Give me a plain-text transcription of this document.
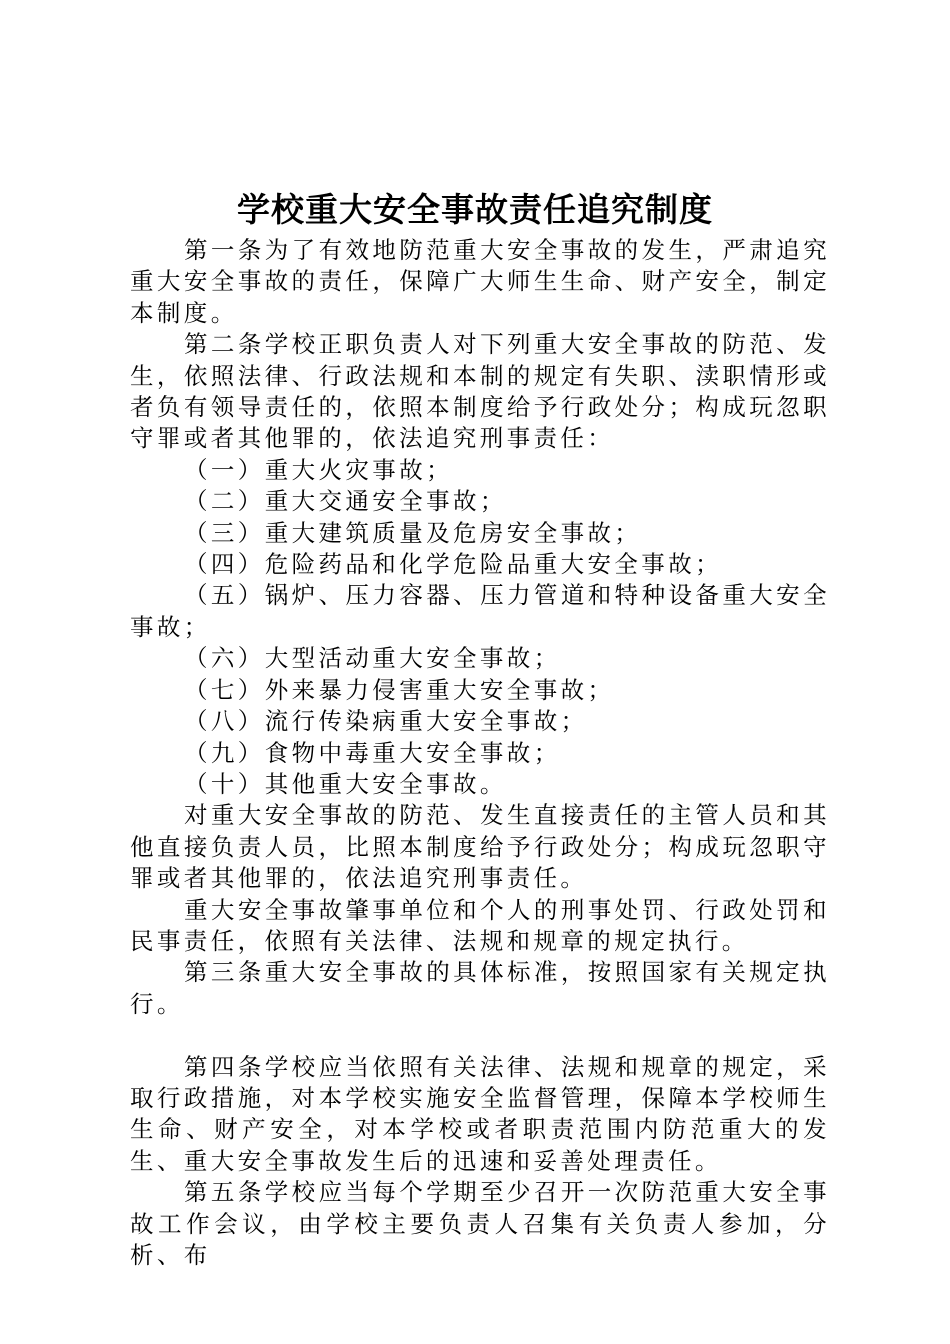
学校重大安全事故责任追究制度

第一条为了有效地防范重大安全事故的发生，严肃追究重大安全事故的责任，保障广大师生生命、财产安全，制定本制度。

第二条学校正职负责人对下列重大安全事故的防范、发生，依照法律、行政法规和本制的规定有失职、渎职情形或者负有领导责任的，依照本制度给予行政处分；构成玩忽职守罪或者其他罪的，依法追究刑事责任：

（一）重大火灾事故；

（二）重大交通安全事故；

（三）重大建筑质量及危房安全事故；

（四）危险药品和化学危险品重大安全事故；

（五）锅炉、压力容器、压力管道和特种设备重大安全事故；

（六）大型活动重大安全事故；

（七）外来暴力侵害重大安全事故；

（八）流行传染病重大安全事故；

（九）食物中毒重大安全事故；

（十）其他重大安全事故。

对重大安全事故的防范、发生直接责任的主管人员和其他直接负责人员，比照本制度给予行政处分；构成玩忽职守罪或者其他罪的，依法追究刑事责任。

重大安全事故肇事单位和个人的刑事处罚、行政处罚和民事责任，依照有关法律、法规和规章的规定执行。

第三条重大安全事故的具体标准，按照国家有关规定执行。

第四条学校应当依照有关法律、法规和规章的规定，采取行政措施，对本学校实施安全监督管理，保障本学校师生生命、财产安全，对本学校或者职责范围内防范重大的发生、重大安全事故发生后的迅速和妥善处理责任。

第五条学校应当每个学期至少召开一次防范重大安全事故工作会议，由学校主要负责人召集有关负责人参加，分析、布
